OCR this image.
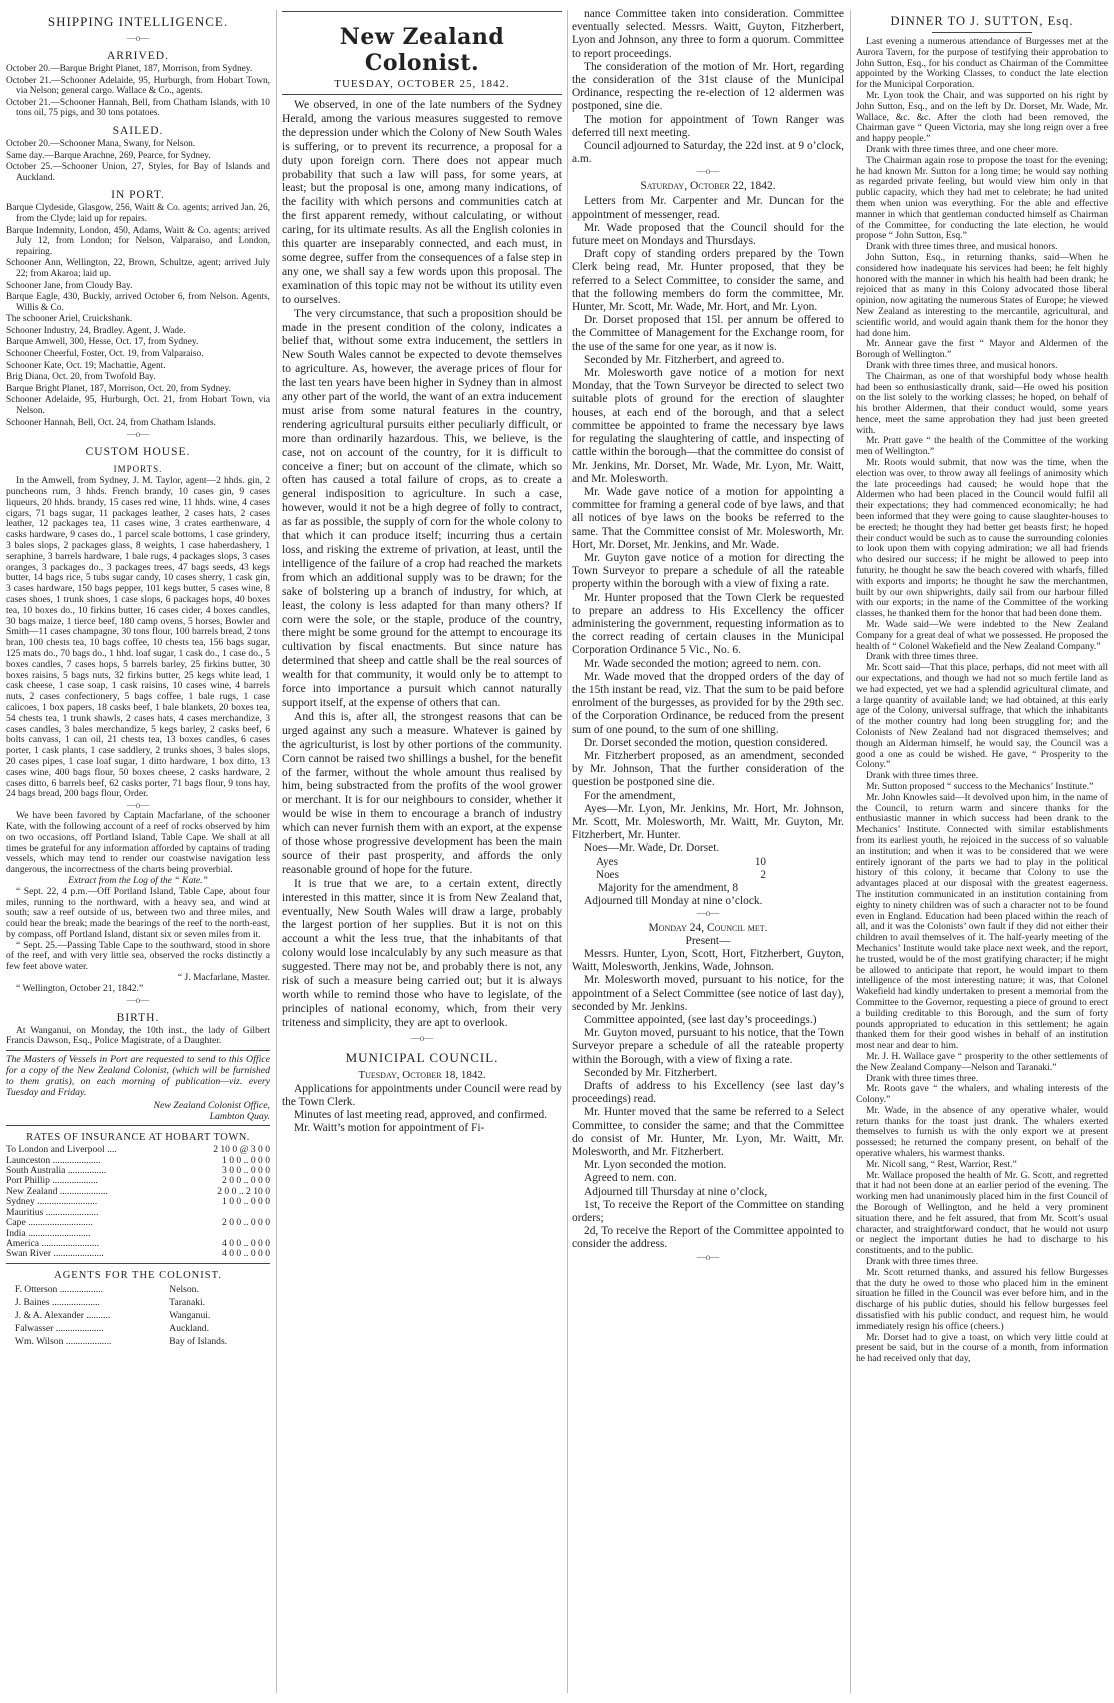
SHIPPING INTELLIGENCE.
—o—
ARRIVED.

October 20.—Barque Bright Planet, 187, Morrison, from Sydney.

October 21.—Schooner Adelaide, 95, Hurburgh, from Hobart Town, via Nelson; general cargo. Wallace & Co., agents.

October 21.—Schooner Hannah, Bell, from Chatham Islands, with 10 tons oil, 75 pigs, and 30 tons potatoes.

SAILED.

October 20.—Schooner Mana, Swany, for Nelson.

Same day.—Barque Arachne, 269, Pearce, for Sydney.

October 25.—Schooner Union, 27, Styles, for Bay of Islands and Auckland.

IN PORT.

Barque Clydeside, Glasgow, 256, Waitt & Co. agents; arrived Jan. 26, from the Clyde; laid up for repairs.

Barque Indemnity, London, 450, Adams, Waitt & Co. agents; arrived July 12, from London; for Nelson, Valparaiso, and London, repairing.

Schooner Ann, Wellington, 22, Brown, Schultze, agent; arrived July 22; from Akaroa; laid up.

Schooner Jane, from Cloudy Bay.

Barque Eagle, 430, Buckly, arrived October 6, from Nelson. Agents, Willis & Co.

The schooner Ariel, Cruickshank.

Schooner Industry, 24, Bradley. Agent, J. Wade.

Barque Amwell, 300, Hesse, Oct. 17, from Sydney.

Schooner Cheerful, Foster, Oct. 19, from Valparaiso.

Schooner Kate, Oct. 19; Machattie, Agent.

Brig Diana, Oct. 20, from Twofold Bay.

Barque Bright Planet, 187, Morrison, Oct. 20, from Sydney.

Schooner Adelaide, 95, Hurburgh, Oct. 21, from Hobart Town, via Nelson.

Schooner Hannah, Bell, Oct. 24, from Chatham Islands.

—o—
CUSTOM HOUSE.
IMPORTS.

In the Amwell, from Sydney, J. M. Taylor, agent—2 hhds. gin, 2 puncheons rum, 3 hhds. French brandy, 10 cases gin, 9 cases liqueurs, 20 hhds. brandy, 15 cases red wine, 11 hhds. wine, 4 cases cigars, 71 bags sugar, 11 packages leather, 2 cases hats, 2 cases leather, 12 packages tea, 11 cases wine, 3 crates earthenware, 4 casks hardware, 9 cases do., 1 parcel scale bottoms, 1 case grindery, 3 bales slops, 2 packages glass, 8 weights, 1 case haberdashery, 1 seraphine, 3 barrels hardware, 1 bale rugs, 4 packages slops, 3 cases oranges, 3 packages do., 3 packages trees, 47 bags seeds, 43 kegs butter, 14 bags rice, 5 tubs sugar candy, 10 cases sherry, 1 cask gin, 3 cases hardware, 150 bags pepper, 101 kegs butter, 5 cases wine, 8 cases shoes, 1 trunk shoes, 1 case slops, 6 packages hops, 40 boxes tea, 10 boxes do., 10 firkins butter, 16 cases cider, 4 boxes candles, 30 bags maize, 1 tierce beef, 180 camp ovens, 5 horses, Bowler and Smith—11 cases champagne, 30 tons flour, 100 barrels bread, 2 tons bran, 100 chests tea, 10 bags coffee, 10 chests tea, 156 bags sugar, 125 mats do., 70 bags do., 1 hhd. loaf sugar, 1 cask do., 1 case do., 5 boxes candles, 7 cases hops, 5 barrels barley, 25 firkins butter, 30 boxes raisins, 5 bags nuts, 32 firkins butter, 25 kegs white lead, 1 cask cheese, 1 case soap, 1 cask raisins, 10 cases wine, 4 barrels nuts, 2 cases confectionery, 5 bags coffee, 1 bale rugs, 1 case calicoes, 1 box papers, 18 casks beef, 1 bale blankets, 20 boxes tea, 54 chests tea, 1 trunk shawls, 2 cases hats, 4 cases merchandize, 3 cases candles, 3 bales merchandize, 5 kegs barley, 2 casks beef, 6 bolts canvass, 1 can oil, 21 chests tea, 13 boxes candles, 6 cases porter, 1 cask plants, 1 case saddlery, 2 trunks shoes, 3 bales slops, 20 cases pipes, 1 case loaf sugar, 1 ditto hardware, 1 box ditto, 13 cases wine, 400 bags flour, 50 boxes cheese, 2 casks hardware, 2 cases ditto, 6 barrels beef, 62 casks porter, 71 bags flour, 9 tons hay, 24 bags bread, 200 bags flour, Order.

—o—

We have been favored by Captain Macfarlane, of the schooner Kate, with the following account of a reef of rocks observed by him on two occasions, off Portland Island, Table Cape. We shall at all times be grateful for any information afforded by captains of trading vessels, which may tend to render our coastwise navigation less dangerous, the incorrectness of the charts being proverbial.

Extract from the Log of the “ Kate.”

“ Sept. 22, 4 p.m.—Off Portland Island, Table Cape, about four miles, running to the northward, with a heavy sea, and wind at south; saw a reef outside of us, between two and three miles, and could hear the break; made the bearings of the reef to the north-east, by compass, off Portland Island, distant six or seven miles from it.

“ Sept. 25.—Passing Table Cape to the southward, stood in shore of the reef, and with very little sea, observed the rocks distinctly a few feet above water.

“ J. Macfarlane, Master.

“ Wellington, October 21, 1842.”

—o—
BIRTH.

At Wanganui, on Monday, the 10th inst., the lady of Gilbert Francis Dawson, Esq., Police Magistrate, of a Daughter.

The Masters of Vessels in Port are requested to send to this Office for a copy of the New Zealand Colonist, (which will be furnished to them gratis), on each morning of publication—viz. every Tuesday and Friday.

New Zealand Colonist Office,
Lambton Quay.
RATES OF INSURANCE AT HOBART TOWN.
To London and Liverpool ....	2 10 0 @ 3 0 0
Launceston ....................	1 0 0 .. 0 0 0
South Australia ................	3 0 0 .. 0 0 0
Port Phillip ...................	2 0 0 .. 0 0 0
New Zealand ....................	2 0 0 .. 2 10 0
Sydney .........................	1 0 0 .. 0 0 0
Mauritius ......................	
Cape ...........................	2 0 0 .. 0 0 0
India ..........................	
America ........................	4 0 0 .. 0 0 0
Swan River .....................	4 0 0 .. 0 0 0
AGENTS FOR THE COLONIST.
F. Otterson ..................	Nelson.
J. Baines ....................	Taranaki.
J. & A. Alexander ..........	Wanganui.
Falwasser ....................	Auckland.
Wm. Wilson ...................	Bay of Islands.
New Zealand Colonist.
TUESDAY, OCTOBER 25, 1842.

We observed, in one of the late numbers of the Sydney Herald, among the various measures suggested to remove the depression under which the Colony of New South Wales is suffering, or to prevent its recurrence, a proposal for a duty upon foreign corn. There does not appear much probability that such a law will pass, for some years, at least; but the proposal is one, among many indications, of the facility with which persons and communities catch at the first apparent remedy, without calculating, or without caring, for its ultimate results. As all the English colonies in this quarter are inseparably connected, and each must, in some degree, suffer from the consequences of a false step in any one, we shall say a few words upon this proposal. The examination of this topic may not be without its utility even to ourselves.

The very circumstance, that such a proposition should be made in the present condition of the colony, indicates a belief that, without some extra inducement, the settlers in New South Wales cannot be expected to devote themselves to agriculture. As, however, the average prices of flour for the last ten years have been higher in Sydney than in almost any other part of the world, the want of an extra inducement must arise from some natural features in the country, rendering agricultural pursuits either peculiarly difficult, or more than ordinarily hazardous. This, we believe, is the case, not on account of the country, for it is difficult to conceive a finer; but on account of the climate, which so often has caused a total failure of crops, as to create a general indisposition to agriculture. In such a case, however, would it not be a high degree of folly to contract, as far as possible, the supply of corn for the whole colony to that which it can produce itself; incurring thus a certain loss, and risking the extreme of privation, at least, until the intelligence of the failure of a crop had reached the markets from which an additional supply was to be drawn; for the sake of bolstering up a branch of industry, for which, at least, the colony is less adapted for than many others? If corn were the sole, or the staple, produce of the country, there might be some ground for the attempt to encourage its cultivation by fiscal enactments. But since nature has determined that sheep and cattle shall be the real sources of wealth for that community, it would only be to attempt to force into importance a pursuit which cannot naturally support itself, at the expense of others that can.

And this is, after all, the strongest reasons that can be urged against any such a measure. Whatever is gained by the agriculturist, is lost by other portions of the community. Corn cannot be raised two shillings a bushel, for the benefit of the farmer, without the whole amount thus realised by him, being substracted from the profits of the wool grower or merchant. It is for our neighbours to consider, whether it would be wise in them to encourage a branch of industry which can never furnish them with an export, at the expense of those whose progressive development has been the main source of their past prosperity, and affords the only reasonable ground of hope for the future.

It is true that we are, to a certain extent, directly interested in this matter, since it is from New Zealand that, eventually, New South Wales will draw a large, probably the largest portion of her supplies. But it is not on this account a whit the less true, that the inhabitants of that colony would lose incalculably by any such measure as that suggested. There may not be, and probably there is not, any risk of such a measure being carried out; but it is always worth while to remind those who have to legislate, of the principles of national economy, which, from their very triteness and simplicity, they are apt to overlook.

—o—
MUNICIPAL COUNCIL.
Tuesday, October 18, 1842.

Applications for appointments under Council were read by the Town Clerk.

Minutes of last meeting read, approved, and confirmed.

Mr. Waitt’s motion for appointment of Fi-

nance Committee taken into consideration. Committee eventually selected. Messrs. Waitt, Guyton, Fitzherbert, Lyon and Johnson, any three to form a quorum. Committee to report proceedings.

The consideration of the motion of Mr. Hort, regarding the consideration of the 31st clause of the Municipal Ordinance, respecting the re-election of 12 aldermen was postponed, sine die.

The motion for appointment of Town Ranger was deferred till next meeting.

Council adjourned to Saturday, the 22d inst. at 9 o’clock, a.m.

—o—
Saturday, October 22, 1842.

Letters from Mr. Carpenter and Mr. Duncan for the appointment of messenger, read.

Mr. Wade proposed that the Council should for the future meet on Mondays and Thursdays.

Draft copy of standing orders prepared by the Town Clerk being read, Mr. Hunter proposed, that they be referred to a Select Committee, to consider the same, and that the following members do form the committee, Mr. Hunter, Mr. Scott, Mr. Wade, Mr. Hort, and Mr. Lyon.

Dr. Dorset proposed that 15l. per annum be offered to the Committee of Management for the Exchange room, for the use of the same for one year, as it now is.

Seconded by Mr. Fitzherbert, and agreed to.

Mr. Molesworth gave notice of a motion for next Monday, that the Town Surveyor be directed to select two suitable plots of ground for the erection of slaughter houses, at each end of the borough, and that a select committee be appointed to frame the necessary bye laws for regulating the slaughtering of cattle, and inspecting of cattle within the borough—that the committee do consist of Mr. Jenkins, Mr. Dorset, Mr. Wade, Mr. Lyon, Mr. Waitt, and Mr. Molesworth.

Mr. Wade gave notice of a motion for appointing a committee for framing a general code of bye laws, and that all notices of bye laws on the books be referred to the same. That the Committee consist of Mr. Molesworth, Mr. Hort, Mr. Dorset, Mr. Jenkins, and Mr. Wade.

Mr. Guyton gave notice of a motion for directing the Town Surveyor to prepare a schedule of all the rateable property within the borough with a view of fixing a rate.

Mr. Hunter proposed that the Town Clerk be requested to prepare an address to His Excellency the officer administering the government, requesting information as to the correct reading of certain clauses in the Municipal Corporation Ordinance 5 Vic., No. 6.

Mr. Wade seconded the motion; agreed to nem. con.

Mr. Wade moved that the dropped orders of the day of the 15th instant be read, viz. That the sum to be paid before enrolment of the burgesses, as provided for by the 29th sec. of the Corporation Ordinance, be reduced from the present sum of one pound, to the sum of one shilling.

Dr. Dorset seconded the motion, question considered.

Mr. Fitzherbert proposed, as an amendment, seconded by Mr. Johnson, That the further consideration of the question be postponed sine die.

For the amendment,

Ayes—Mr. Lyon, Mr. Jenkins, Mr. Hort, Mr. Johnson, Mr. Scott, Mr. Molesworth, Mr. Waitt, Mr. Guyton, Mr. Fitzherbert, Mr. Hunter.

Noes—Mr. Wade, Dr. Dorset.

Ayes	10
Noes	2

Majority for the amendment, 8

Adjourned till Monday at nine o’clock.

—o—
Monday 24, Council met.
Present—

Messrs. Hunter, Lyon, Scott, Hort, Fitzherbert, Guyton, Waitt, Molesworth, Jenkins, Wade, Johnson.

Mr. Molesworth moved, pursuant to his notice, for the appointment of a Select Committee (see notice of last day), seconded by Mr. Jenkins.

Committee appointed, (see last day’s proceedings.)

Mr. Guyton moved, pursuant to his notice, that the Town Surveyor prepare a schedule of all the rateable property within the Borough, with a view of fixing a rate.

Seconded by Mr. Fitzherbert.

Drafts of address to his Excellency (see last day’s proceedings) read.

Mr. Hunter moved that the same be referred to a Select Committee, to consider the same; and that the Committee do consist of Mr. Hunter, Mr. Lyon, Mr. Waitt, Mr. Molesworth, and Mr. Fitzherbert.

Mr. Lyon seconded the motion.

Agreed to nem. con.

Adjourned till Thursday at nine o’clock,

1st, To receive the Report of the Committee on standing orders;

2d, To receive the Report of the Committee appointed to consider the address.

—o—
DINNER TO J. SUTTON, Esq.

Last evening a numerous attendance of Burgesses met at the Aurora Tavern, for the purpose of testifying their approbation to John Sutton, Esq., for his conduct as Chairman of the Committee appointed by the Working Classes, to conduct the late election for the Municipal Corporation.

Mr. Lyon took the Chair, and was supported on his right by John Sutton, Esq., and on the left by Dr. Dorset, Mr. Wade, Mr. Wallace, &c. &c. After the cloth had been removed, the Chairman gave “ Queen Victoria, may she long reign over a free and happy people.”

Drank with three times three, and one cheer more.

The Chairman again rose to propose the toast for the evening; he had known Mr. Sutton for a long time; he would say nothing as regarded private feeling, but would view him only in that public capacity, which they had met to celebrate; he had united them when union was everything. For the able and effective manner in which that gentleman conducted himself as Chairman of the Committee, for conducting the late election, he would propose “ John Sutton, Esq.”

Drank with three times three, and musical honors.

John Sutton, Esq., in returning thanks, said—When he considered how inadequate his services had been; he felt highly honored with the manner in which his health had been drank; he rejoiced that as many in this Colony advocated those liberal opinion, now agitating the numerous States of Europe; he viewed New Zealand as interesting to the mercantile, agricultural, and scientific world, and would again thank them for the honor they had done him.

Mr. Annear gave the first “ Mayor and Aldermen of the Borough of Wellington.”

Drank with three times three, and musical honors.

The Chairman, as one of that worshipful body whose health had been so enthusiastically drank, said—He owed his position on the list solely to the working classes; he hoped, on behalf of his brother Aldermen, that their conduct would, some years hence, meet the same approbation they had just been greeted with.

Mr. Pratt gave “ the health of the Committee of the working men of Wellington.”

Mr. Roots would submit, that now was the time, when the election was over, to throw away all feelings of animosity which the late proceedings had caused; he would hope that the Aldermen who had been placed in the Council would fulfil all their expectations; they had commenced economically; he had been informed that they were going to cause slaughter-houses to be erected; he thought they had better get beasts first; he hoped their conduct would be such as to cause the surrounding colonies to look upon them with copying admiration; we all had friends who desired our success; if he might be allowed to peep into futurity, he thought he saw the beach covered with wharfs, filled with exports and imports; he thought he saw the merchantmen, built by our own shipwrights, daily sail from our harbour filled with our exports; in the name of the Committee of the working classes, he thanked them for the honor that had been done them.

Mr. Wade said—We were indebted to the New Zealand Company for a great deal of what we possessed. He proposed the health of “ Colonel Wakefield and the New Zealand Company.”

Drank with three times three.

Mr. Scott said—That this place, perhaps, did not meet with all our expectations, and though we had not so much fertile land as we had expected, yet we had a splendid agricultural climate, and a large quantity of available land; we had obtained, at this early age of the Colony, universal suffrage, that which the inhabitants of the mother country had long been struggling for; and the Colonists of New Zealand had not disgraced themselves; and though an Alderman himself, he would say, the Council was a good a one as could be wished. He gave, “ Prosperity to the Colony.”

Drank with three times three.

Mr. Sutton proposed “ success to the Mechanics’ Institute.”

Mr. John Knowles said—It devolved upon him, in the name of the Council, to return warm and sincere thanks for the enthusiastic manner in which success had been drank to the Mechanics’ Institute. Connected with similar establishments from its earliest youth, he rejoiced in the success of so valuable an institution; and when it was to be considered that we were entirely ignorant of the parts we had to play in the political history of this colony, it became that Colony to use the advantages placed at our disposal with the greatest eagerness. The institution communicated in an institution containing from eighty to ninety children was of such a character not to be found even in England. Education had been placed within the reach of all, and it was the Colonists’ own fault if they did not either their children to avail themselves of it. The half-yearly meeting of the Mechanics’ Institute would take place next week, and the report, he trusted, would be of the most gratifying character; if he might be allowed to anticipate that report, he would impart to them intelligence of the most interesting nature; it was, that Colonel Wakefield had kindly undertaken to present a memorial from the Committee to the Governor, requesting a piece of ground to erect a building creditable to this Borough, and the sum of forty pounds appropriated to education in this settlement; he again thanked them for their good wishes in behalf of an institution most near and dear to him.

Mr. J. H. Wallace gave “ prosperity to the other settlements of the New Zealand Company—Nelson and Taranaki.”

Drank with three times three.

Mr. Roots gave “ the whalers, and whaling interests of the Colony.”

Mr. Wade, in the absence of any operative whaler, would return thanks for the toast just drank. The whalers exerted themselves to furnish us with the only export we at present possessed; he returned the company present, on behalf of the operative whalers, his warmest thanks.

Mr. Nicoll sang, “ Rest, Warrior, Rest.”

Mr. Wallace proposed the health of Mr. G. Scott, and regretted that it had not been done at an earlier period of the evening. The working men had unanimously placed him in the first Council of the Borough of Wellington, and he held a very prominent situation there, and he felt assured, that from Mr. Scott’s usual character, and straightforward conduct, that he would not usurp or neglect the important duties he had to discharge to his constituents, and to the public.

Drank with three times three.

Mr. Scott returned thanks, and assured his fellow Burgesses that the duty he owed to those who placed him in the eminent situation he filled in the Council was ever before him, and in the discharge of his public duties, should his fellow burgesses feel dissatisfied with his public conduct, and request him, he would immediately resign his office (cheers.)

Mr. Dorset had to give a toast, on which very little could at present be said, but in the course of a month, from information he had received only that day,
